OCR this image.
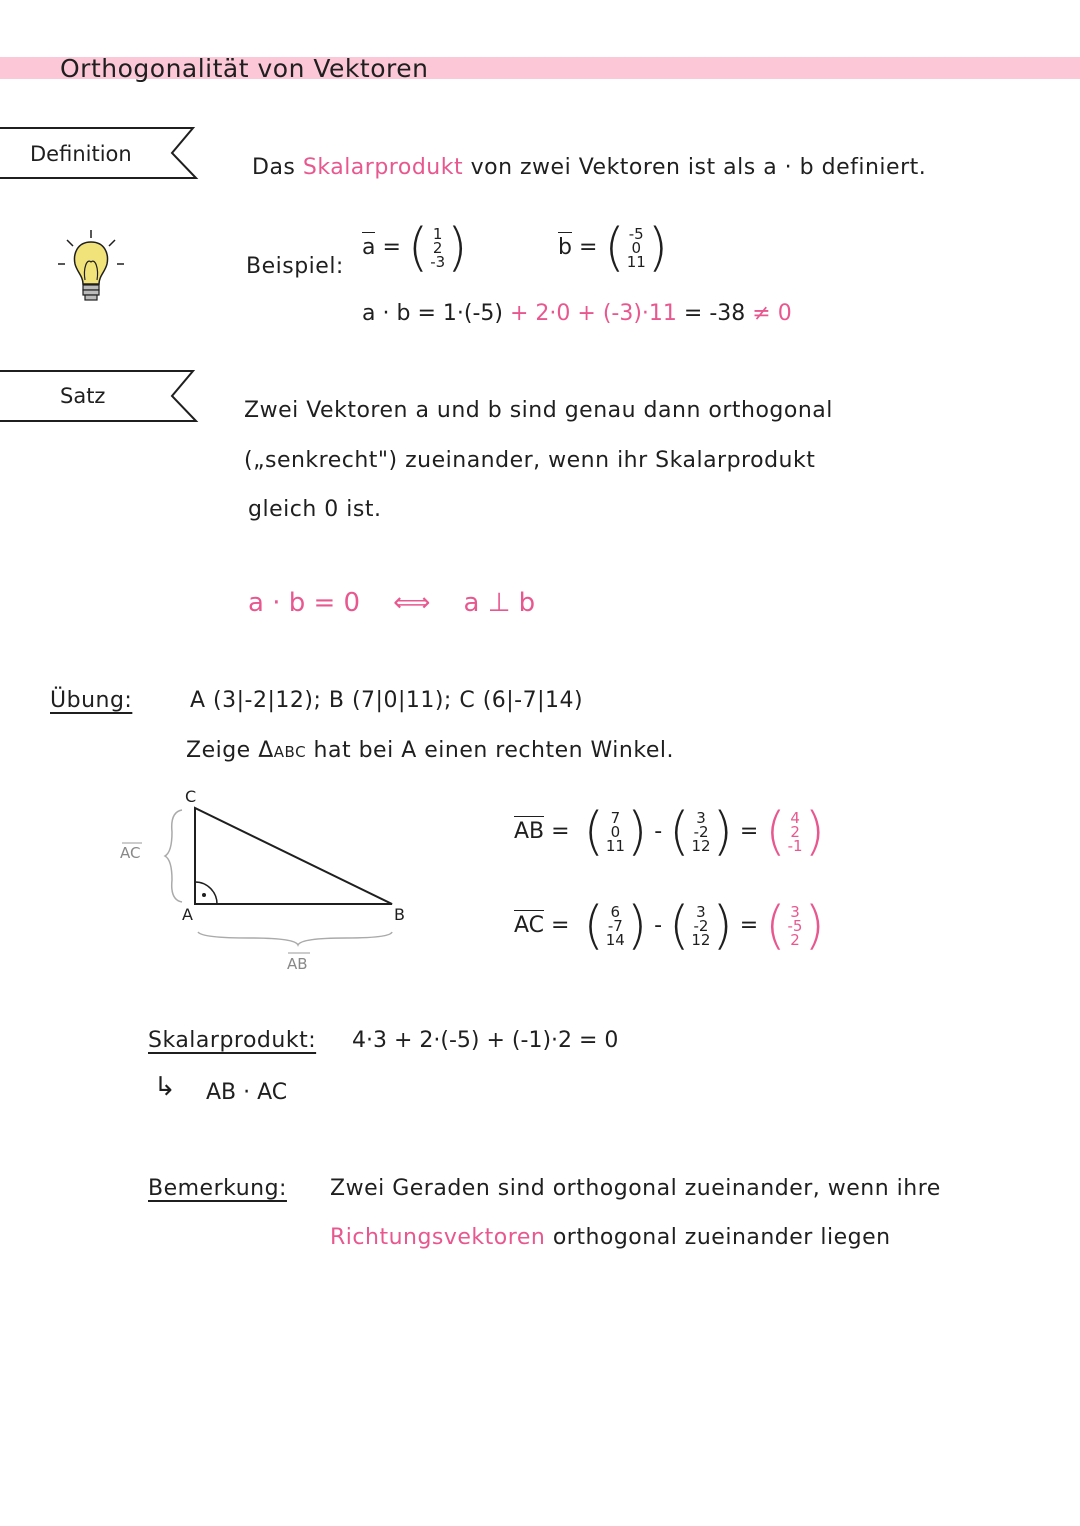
Orthogonalität von Vektoren
Definition
Das Skalarprodukt von zwei Vektoren ist als a · b definiert.
Beispiel:
a = ( 1
2
-3 )	b = ( -5
0
11 )
a · b = 1·(-5) + 2·0 + (-3)·11 = -38 ≠ 0
Satz
Zwei Vektoren a und b sind genau dann orthogonal
(„senkrecht") zueinander, wenn ihr Skalarprodukt
gleich 0 ist.
a · b = 0 ⟺ a ⊥ b
Übung:	A (3|-2|12); B (7|0|11); C (6|-7|14)
Zeige ΔABC hat bei A einen rechten Winkel.
C
A	B
AC
AB
AB = ( 7
0
11 ) - ( 3
-2
12 ) = ( 4
2
-1 )
AC = ( 6
-7
14 ) - ( 3
-2
12 ) = ( 3
-5
2 )
Skalarprodukt: 4·3 + 2·(-5) + (-1)·2 = 0
↳ AB · AC
Bemerkung: Zwei Geraden sind orthogonal zueinander, wenn ihre
Richtungsvektoren orthogonal zueinander liegen
